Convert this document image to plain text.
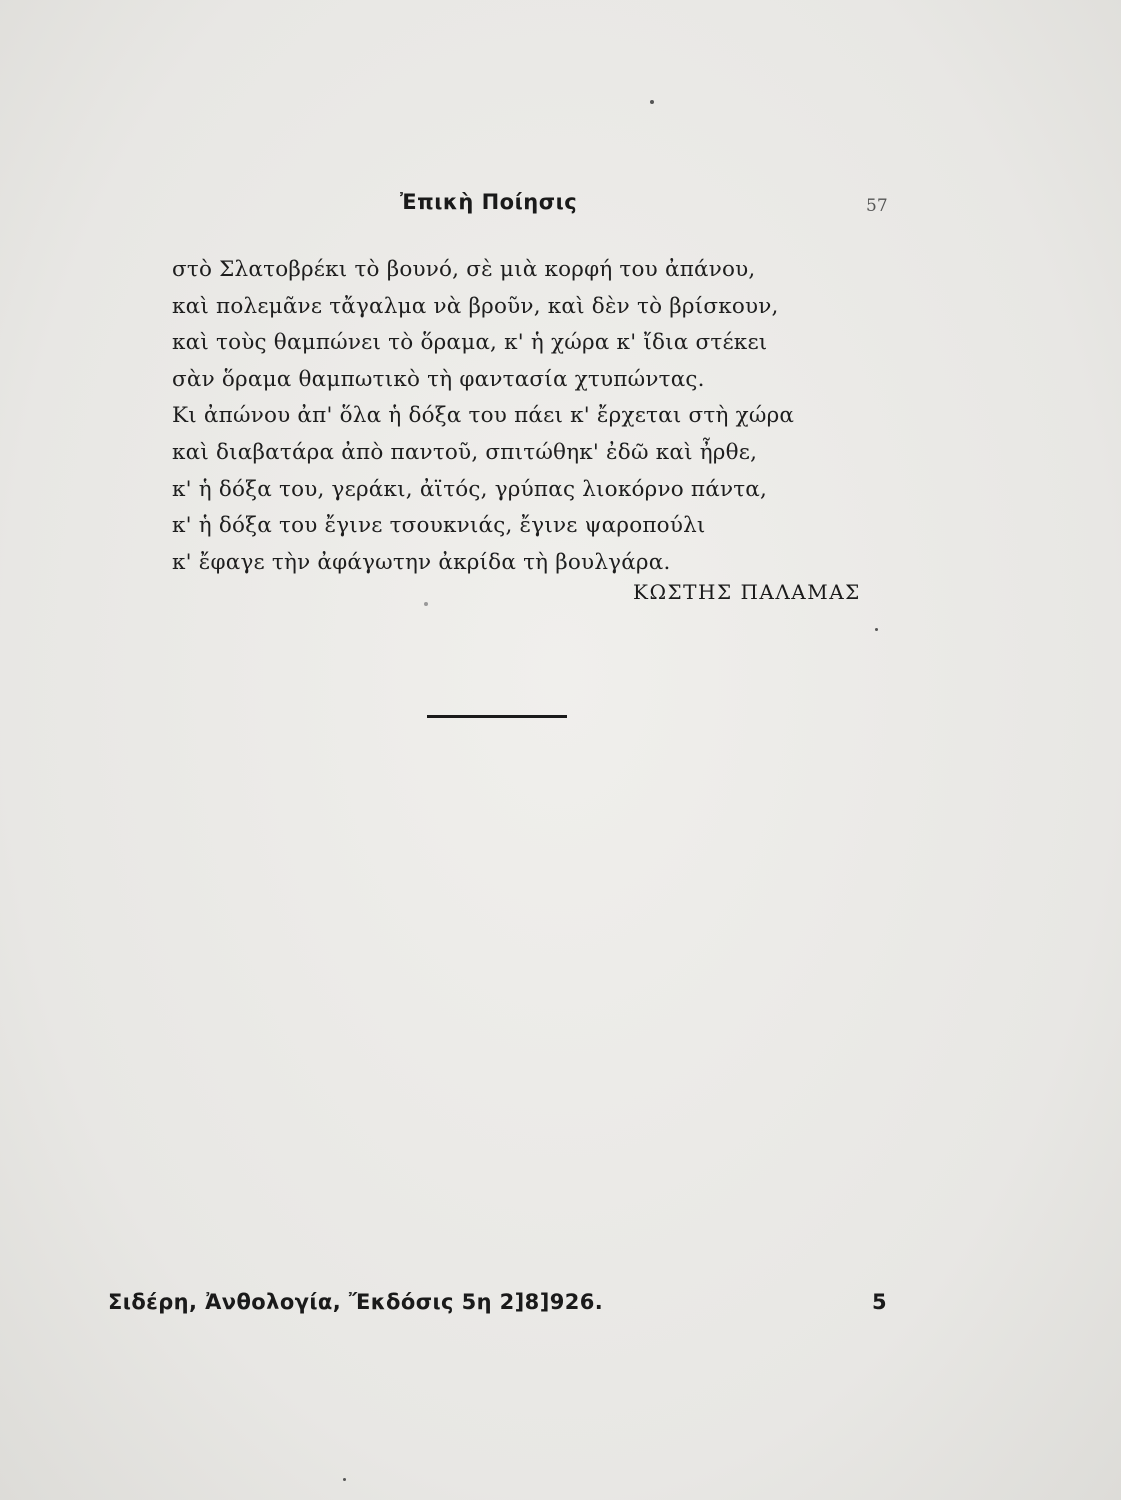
Ἐπικὴ Ποίησις	57
στὸ Σλατοβρέκι τὸ βουνό, σὲ μιὰ κορφή του ἀπάνου,
καὶ πολεμᾶνε τἄγαλμα νὰ βροῦν, καὶ δὲν τὸ βρίσκουν,
καὶ τοὺς θαμπώνει τὸ ὅραμα, κ' ἡ χώρα κ' ἴδια στέκει
σὰν ὅραμα θαμπωτικὸ τὴ φαντασία χτυπώντας.
Κι ἀπώνου ἀπ' ὅλα ἡ δόξα του πάει κ' ἔρχεται στὴ χώρα
καὶ διαβατάρα ἀπὸ παντοῦ, σπιτώθηκ' ἐδῶ καὶ ἦρθε,
κ' ἡ δόξα του, γεράκι, ἀϊτός, γρύπας λιοκόρνο πάντα,
κ' ἡ δόξα του ἔγινε τσουκνιάς, ἔγινε ψαροπούλι
κ' ἔφαγε τὴν ἀφάγωτην ἀκρίδα τὴ βουλγάρα.
ΚΩΣΤΗΣ ΠΑΛΑΜΑΣ
Σιδέρη, Ἀνθολογία, Ἔκδόσις 5η 2]8]926.	5
